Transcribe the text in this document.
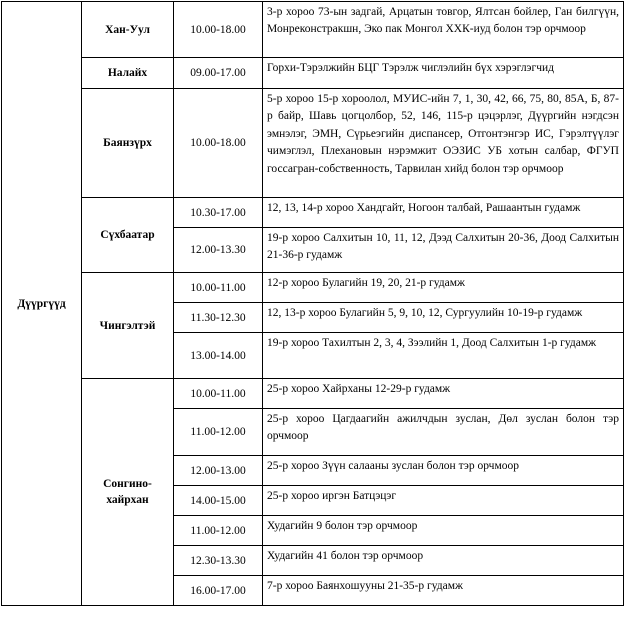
Дүүргүүд	Хан-Уул	10.00-18.00	3-р хороо 73-ын задгай, Арцатын товгор, Ялтсан бойлер, Ган билгүүн, Монреконстракшн, Эко пак Монгол ХХК-иуд болон тэр орчмоор
	Налайх	09.00-17.00	Горхи-Тэрэлжийн БЦГ Тэрэлж чиглэлийн бүх хэрэглэгчид
	Баянзүрх	10.00-18.00	5-р хороо 15-р хороолол, МУИС-ийн 7, 1, 30, 42, 66, 75, 80, 85А, Б, 87-р байр, Шавь цогцолбор, 52, 146, 115-р цэцэрлэг, Дүүргийн нэгдсэн эмнэлэг, ЭМН, Сүрьеэгийн диспансер, Отгонтэнгэр ИС, Гэрэлтүүлэг чимэглэл, Плехановын нэрэмжит ОЭЗИС УБ хотын салбар, ФГУП госсагран-собственность, Тарвилан хийд болон тэр орчмоор
	Сүхбаатар	10.30-17.00	12, 13, 14-р хороо Хандгайт, Ногоон талбай, Рашаантын гудамж
		12.00-13.30	19-р хороо Салхитын 10, 11, 12, Дээд Салхитын 20-36, Доод Салхитын 21-36-р гудамж
	Чингэлтэй	10.00-11.00	12-р хороо Булагийн 19, 20, 21-р гудамж
		11.30-12.30	12, 13-р хороо Булагийн 5, 9, 10, 12, Сургуулийн 10-19-р гудамж
		13.00-14.00	19-р хороо Тахилтын 2, 3, 4, Зээлийн 1, Доод Салхитын 1-р гудамж
	Сонгино-хайрхан	10.00-11.00	25-р хороо Хайрханы 12-29-р гудамж
		11.00-12.00	25-р хороо Цагдаагийн ажилчдын зуслан, Дөл зуслан болон тэр орчмоор
		12.00-13.00	25-р хороо Зүүн салааны зуслан болон тэр орчмоор
		14.00-15.00	25-р хороо иргэн Батцэцэг
		11.00-12.00	Худагийн 9 болон тэр орчмоор
		12.30-13.30	Худагийн 41 болон тэр орчмоор
		16.00-17.00	7-р хороо Баянхошууны 21-35-р гудамж
